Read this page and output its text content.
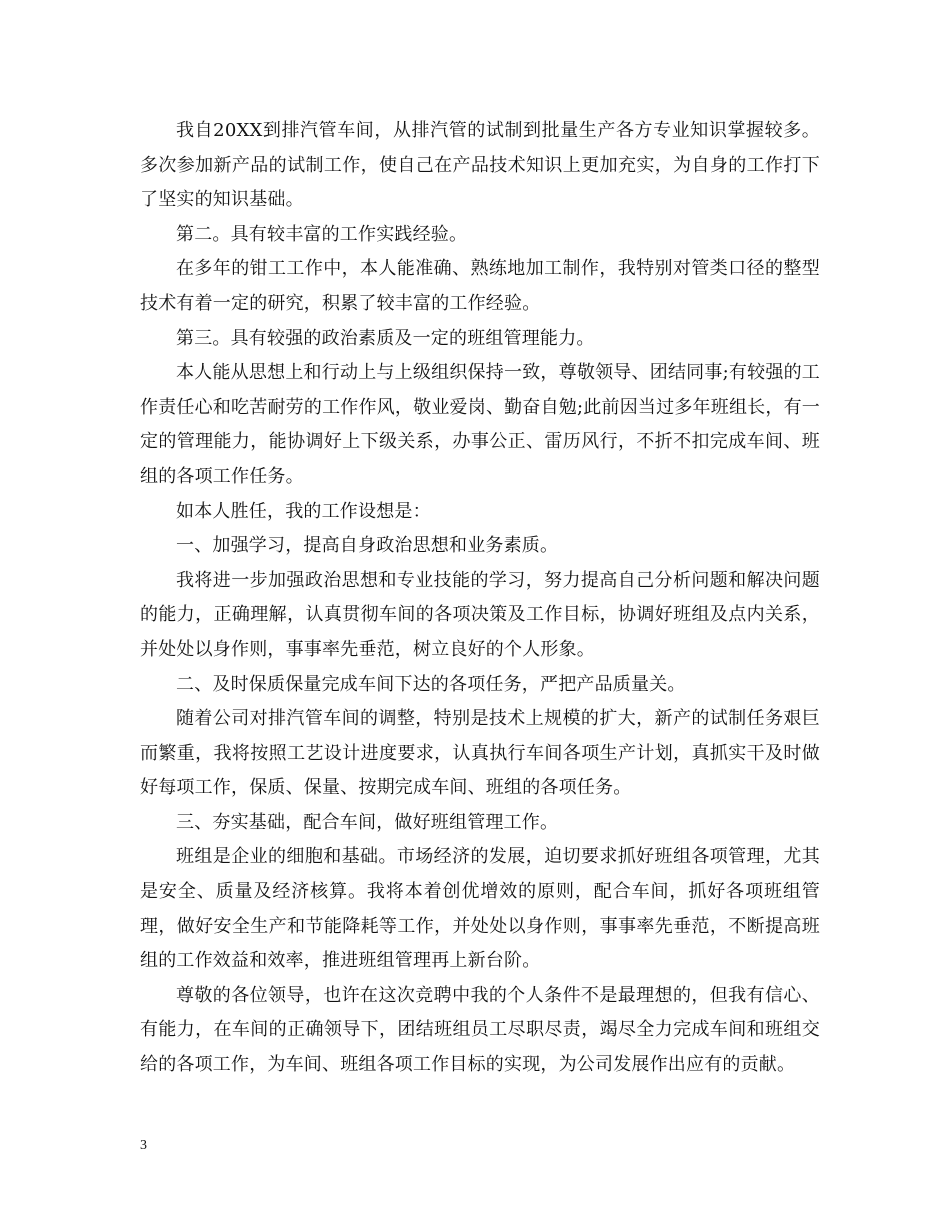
我自20XX到排汽管车间，从排汽管的试制到批量生产各方专业知识掌握较多。多次参加新产品的试制工作，使自己在产品技术知识上更加充实，为自身的工作打下了坚实的知识基础。

第二。具有较丰富的工作实践经验。

在多年的钳工工作中，本人能准确、熟练地加工制作，我特别对管类口径的整型技术有着一定的研究，积累了较丰富的工作经验。

第三。具有较强的政治素质及一定的班组管理能力。

本人能从思想上和行动上与上级组织保持一致，尊敬领导、团结同事;有较强的工作责任心和吃苦耐劳的工作作风，敬业爱岗、勤奋自勉;此前因当过多年班组长，有一定的管理能力，能协调好上下级关系，办事公正、雷历风行，不折不扣完成车间、班组的各项工作任务。

如本人胜任，我的工作设想是：

一、加强学习，提高自身政治思想和业务素质。

我将进一步加强政治思想和专业技能的学习，努力提高自己分析问题和解决问题的能力，正确理解，认真贯彻车间的各项决策及工作目标，协调好班组及点内关系，并处处以身作则，事事率先垂范，树立良好的个人形象。

二、及时保质保量完成车间下达的各项任务，严把产品质量关。

随着公司对排汽管车间的调整，特别是技术上规模的扩大，新产的试制任务艰巨而繁重，我将按照工艺设计进度要求，认真执行车间各项生产计划，真抓实干及时做好每项工作，保质、保量、按期完成车间、班组的各项任务。

三、夯实基础，配合车间，做好班组管理工作。

班组是企业的细胞和基础。市场经济的发展，迫切要求抓好班组各项管理，尤其是安全、质量及经济核算。我将本着创优增效的原则，配合车间，抓好各项班组管理，做好安全生产和节能降耗等工作，并处处以身作则，事事率先垂范，不断提高班组的工作效益和效率，推进班组管理再上新台阶。

尊敬的各位领导，也许在这次竞聘中我的个人条件不是最理想的，但我有信心、有能力，在车间的正确领导下，团结班组员工尽职尽责，竭尽全力完成车间和班组交给的各项工作，为车间、班组各项工作目标的实现，为公司发展作出应有的贡献。

3
